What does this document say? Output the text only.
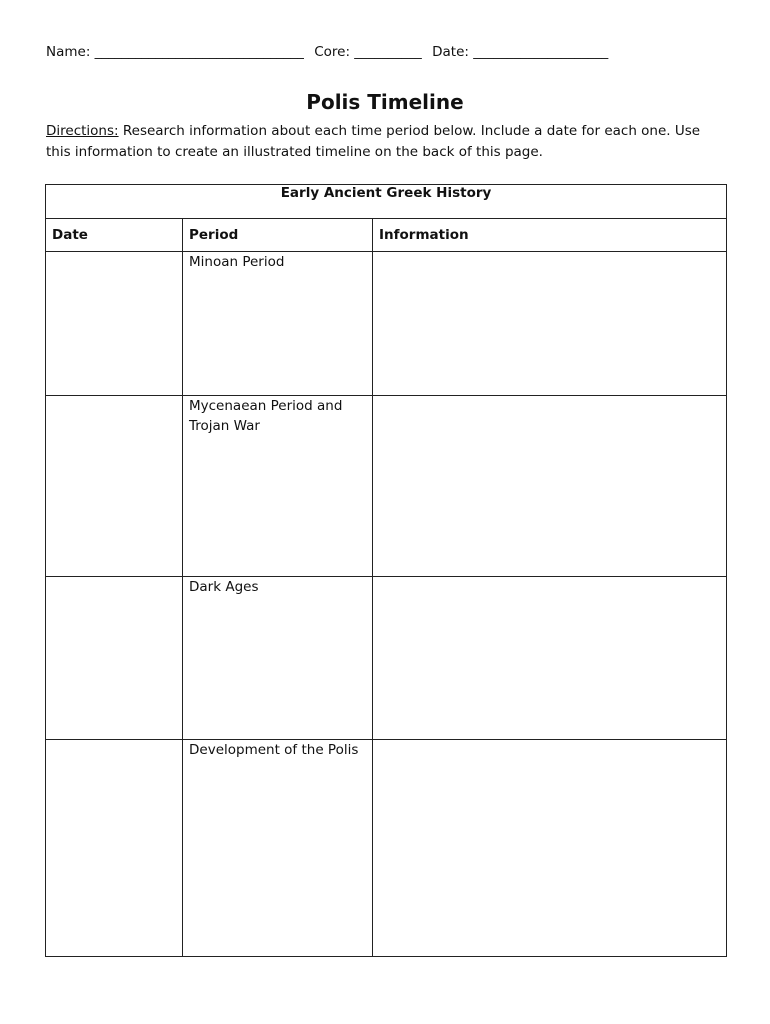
Name: _______________________________ Core: __________ Date: ____________________
Polis Timeline
Directions: Research information about each time period below. Include a date for each one. Use this information to create an illustrated timeline on the back of this page.
Early Ancient Greek History		
Date	Period	Information
	Minoan Period	
	Mycenaean Period and Trojan War	
	Dark Ages	
	Development of the Polis	
